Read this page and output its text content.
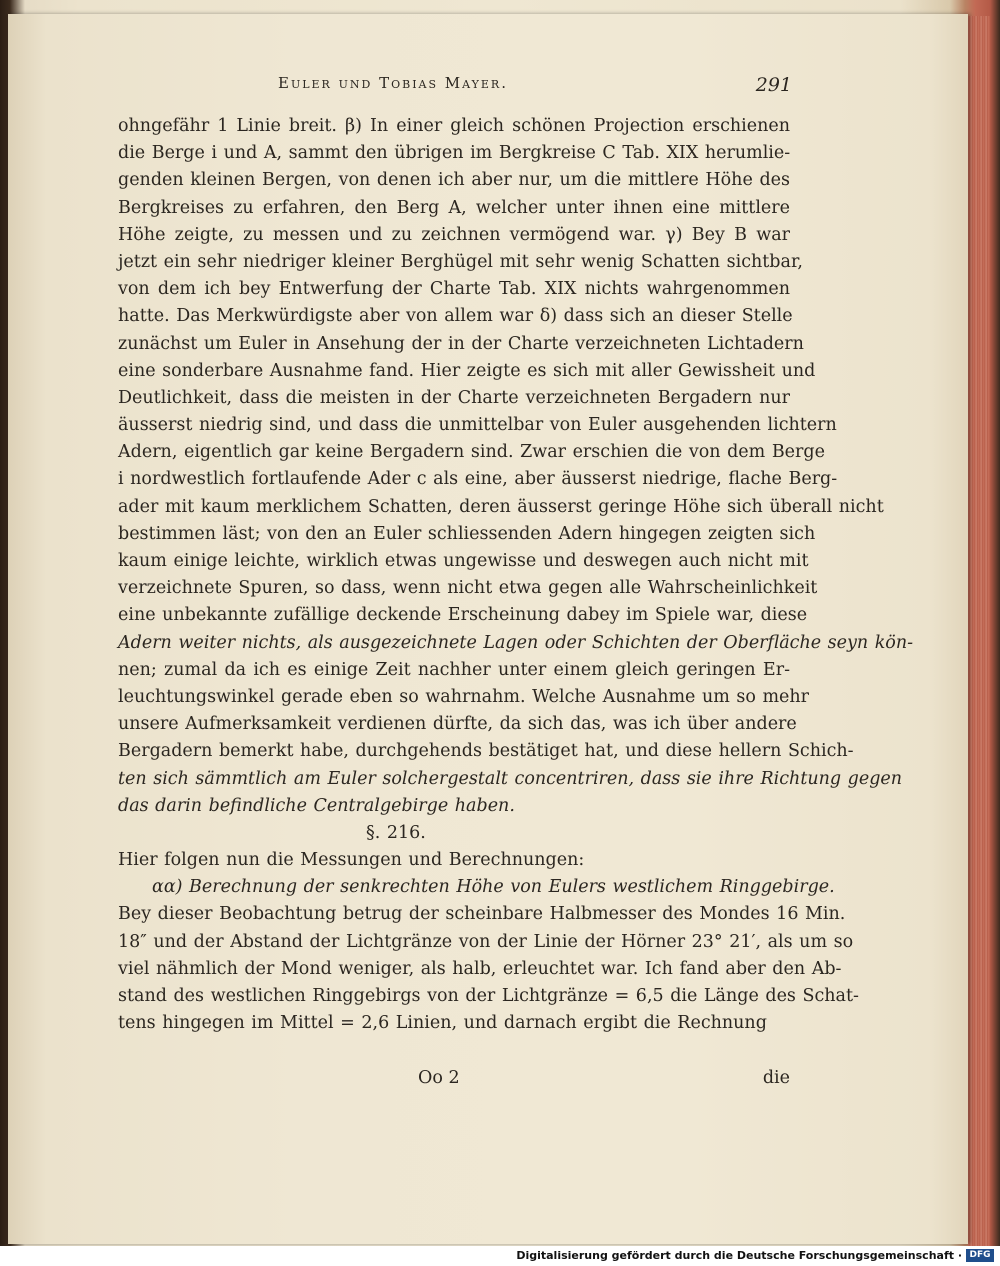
Euler und Tobias Mayer.	291
ohngefähr 1 Linie breit. β) In einer gleich schönen Projection erschienen
die Berge i und A, sammt den übrigen im Bergkreise C Tab. XIX herumlie-
genden kleinen Bergen, von denen ich aber nur, um die mittlere Höhe des
Bergkreises zu erfahren, den Berg A, welcher unter ihnen eine mittlere
Höhe zeigte, zu messen und zu zeichnen vermögend war. γ) Bey B war
jetzt ein sehr niedriger kleiner Berghügel mit sehr wenig Schatten sichtbar,
von dem ich bey Entwerfung der Charte Tab. XIX nichts wahrgenommen
hatte. Das Merkwürdigste aber von allem war δ) dass sich an dieser Stelle
zunächst um Euler in Ansehung der in der Charte verzeichneten Lichtadern
eine sonderbare Ausnahme fand. Hier zeigte es sich mit aller Gewissheit und
Deutlichkeit, dass die meisten in der Charte verzeichneten Bergadern nur
äusserst niedrig sind, und dass die unmittelbar von Euler ausgehenden lichtern
Adern, eigentlich gar keine Bergadern sind. Zwar erschien die von dem Berge
i nordwestlich fortlaufende Ader c als eine, aber äusserst niedrige, flache Berg-
ader mit kaum merklichem Schatten, deren äusserst geringe Höhe sich überall nicht
bestimmen läst; von den an Euler schliessenden Adern hingegen zeigten sich
kaum einige leichte, wirklich etwas ungewisse und deswegen auch nicht mit
verzeichnete Spuren, so dass, wenn nicht etwa gegen alle Wahrscheinlichkeit
eine unbekannte zufällige deckende Erscheinung dabey im Spiele war, diese
Adern weiter nichts, als ausgezeichnete Lagen oder Schichten der Oberfläche seyn kön-
nen; zumal da ich es einige Zeit nachher unter einem gleich geringen Er-
leuchtungswinkel gerade eben so wahrnahm. Welche Ausnahme um so mehr
unsere Aufmerksamkeit verdienen dürfte, da sich das, was ich über andere
Bergadern bemerkt habe, durchgehends bestätiget hat, und diese hellern Schich-
ten sich sämmtlich am Euler solchergestalt concentriren, dass sie ihre Richtung gegen
das darin befindliche Centralgebirge haben.
§. 216.
Hier folgen nun die Messungen und Berechnungen:
αα) Berechnung der senkrechten Höhe von Eulers westlichem Ringgebirge.
Bey dieser Beobachtung betrug der scheinbare Halbmesser des Mondes 16 Min.
18″ und der Abstand der Lichtgränze von der Linie der Hörner 23° 21′, als um so
viel nähmlich der Mond weniger, als halb, erleuchtet war. Ich fand aber den Ab-
stand des westlichen Ringgebirgs von der Lichtgränze = 6,5 die Länge des Schat-
tens hingegen im Mittel = 2,6 Linien, und darnach ergibt die Rechnung
Oo 2	die
Digitalisierung gefördert durch die Deutsche Forschungsgemeinschaft · DFG
